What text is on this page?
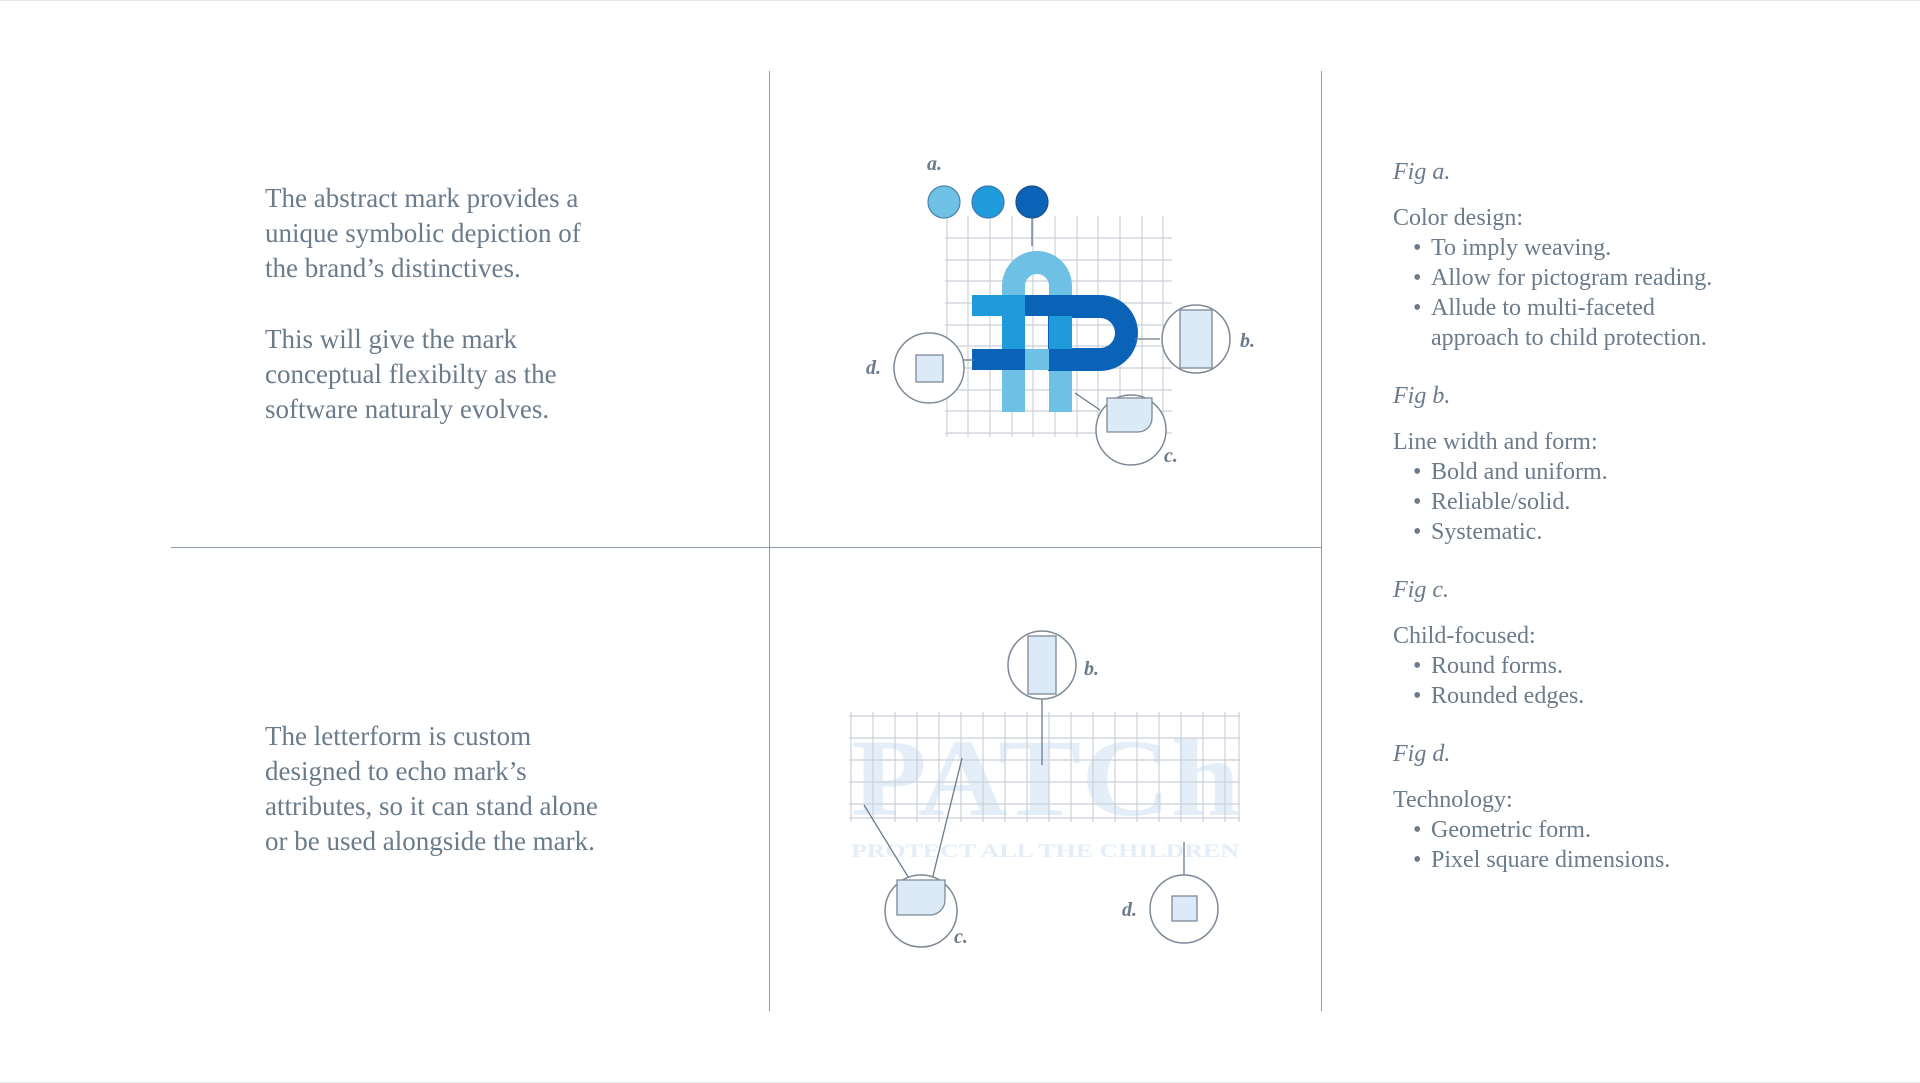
The abstract mark provides a
unique symbolic depiction of
the brand’s distinctives.

This will give the mark
conceptual flexibilty as the
software naturaly evolves.

The letterform is custom
designed to echo mark’s
attributes, so it can stand alone
or be used alongside the mark.

a.
b.
d.
c.
PATCh
PROTECT ALL THE CHILDREN
b.
c.
d.

Fig a.

Color design:

• To imply weaving.
• Allow for pictogram reading.
• Allude to multi-faceted
approach to child protection.

Fig b.

Line width and form:

• Bold and uniform.
• Reliable/solid.
• Systematic.

Fig c.

Child-focused:

• Round forms.
• Rounded edges.

Fig d.

Technology:

• Geometric form.
• Pixel square dimensions.
